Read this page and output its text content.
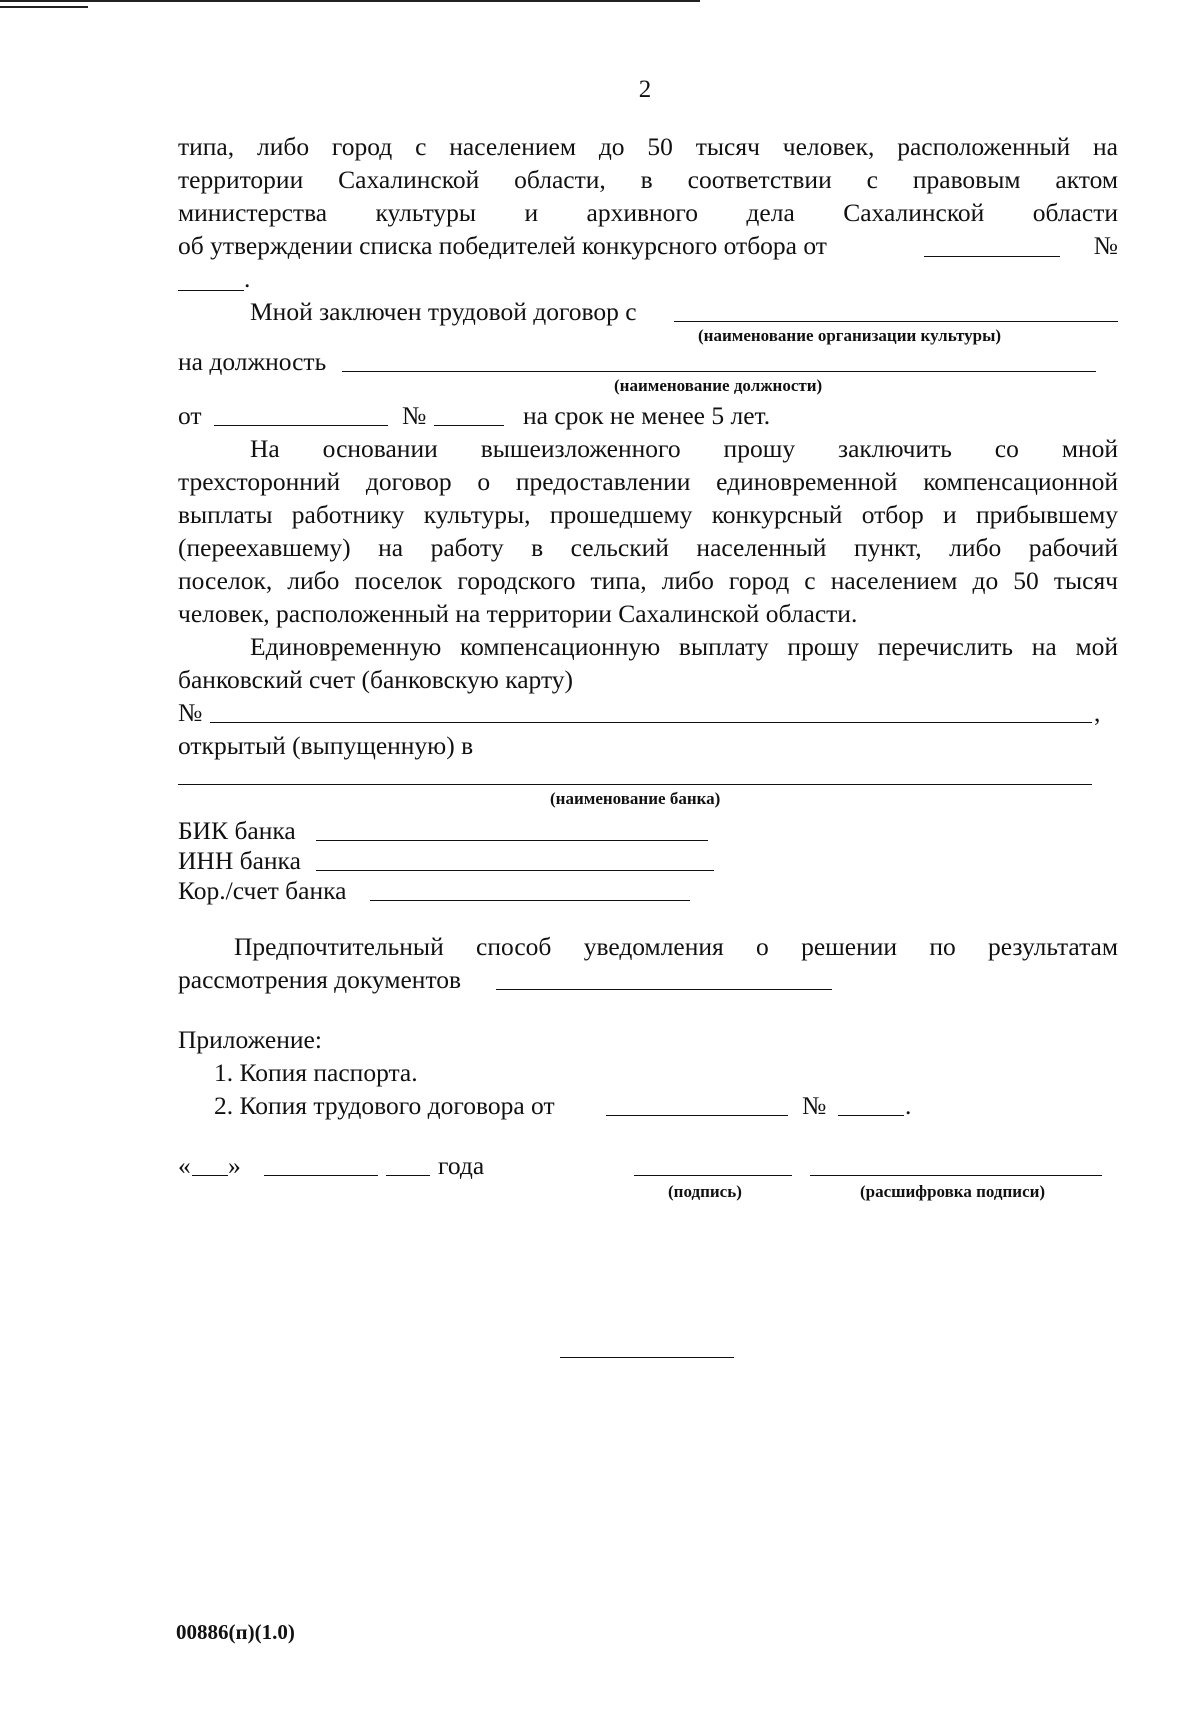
2
типа, либо город с населением до 50 тысяч человек, расположенный на
территории Сахалинской области, в соответствии с правовым актом
министерства культуры и архивного дела Сахалинской области
об утверждении списка победителей конкурсного отбора от	№
.
Мной заключен трудовой договор с
(наименование организации культуры)
на должность
(наименование должности)
от	№	на срок не менее 5 лет.
На основании вышеизложенного прошу заключить со мной
трехсторонний договор о предоставлении единовременной компенсационной
выплаты работнику культуры, прошедшему конкурсный отбор и прибывшему
(переехавшему) на работу в сельский населенный пункт, либо рабочий
поселок, либо поселок городского типа, либо город с населением до 50 тысяч
человек, расположенный на территории Сахалинской области.
Единовременную компенсационную выплату прошу перечислить на мой
банковский счет (банковскую карту)
№	,
открытый (выпущенную) в
(наименование банка)
БИК банка
ИНН банка
Кор./счет банка
Предпочтительный способ уведомления о решении по результатам
рассмотрения документов
Приложение:
1. Копия паспорта.
2. Копия трудового договора от	№	.
« »	года
(подпись)	(расшифровка подписи)
00886(п)(1.0)
